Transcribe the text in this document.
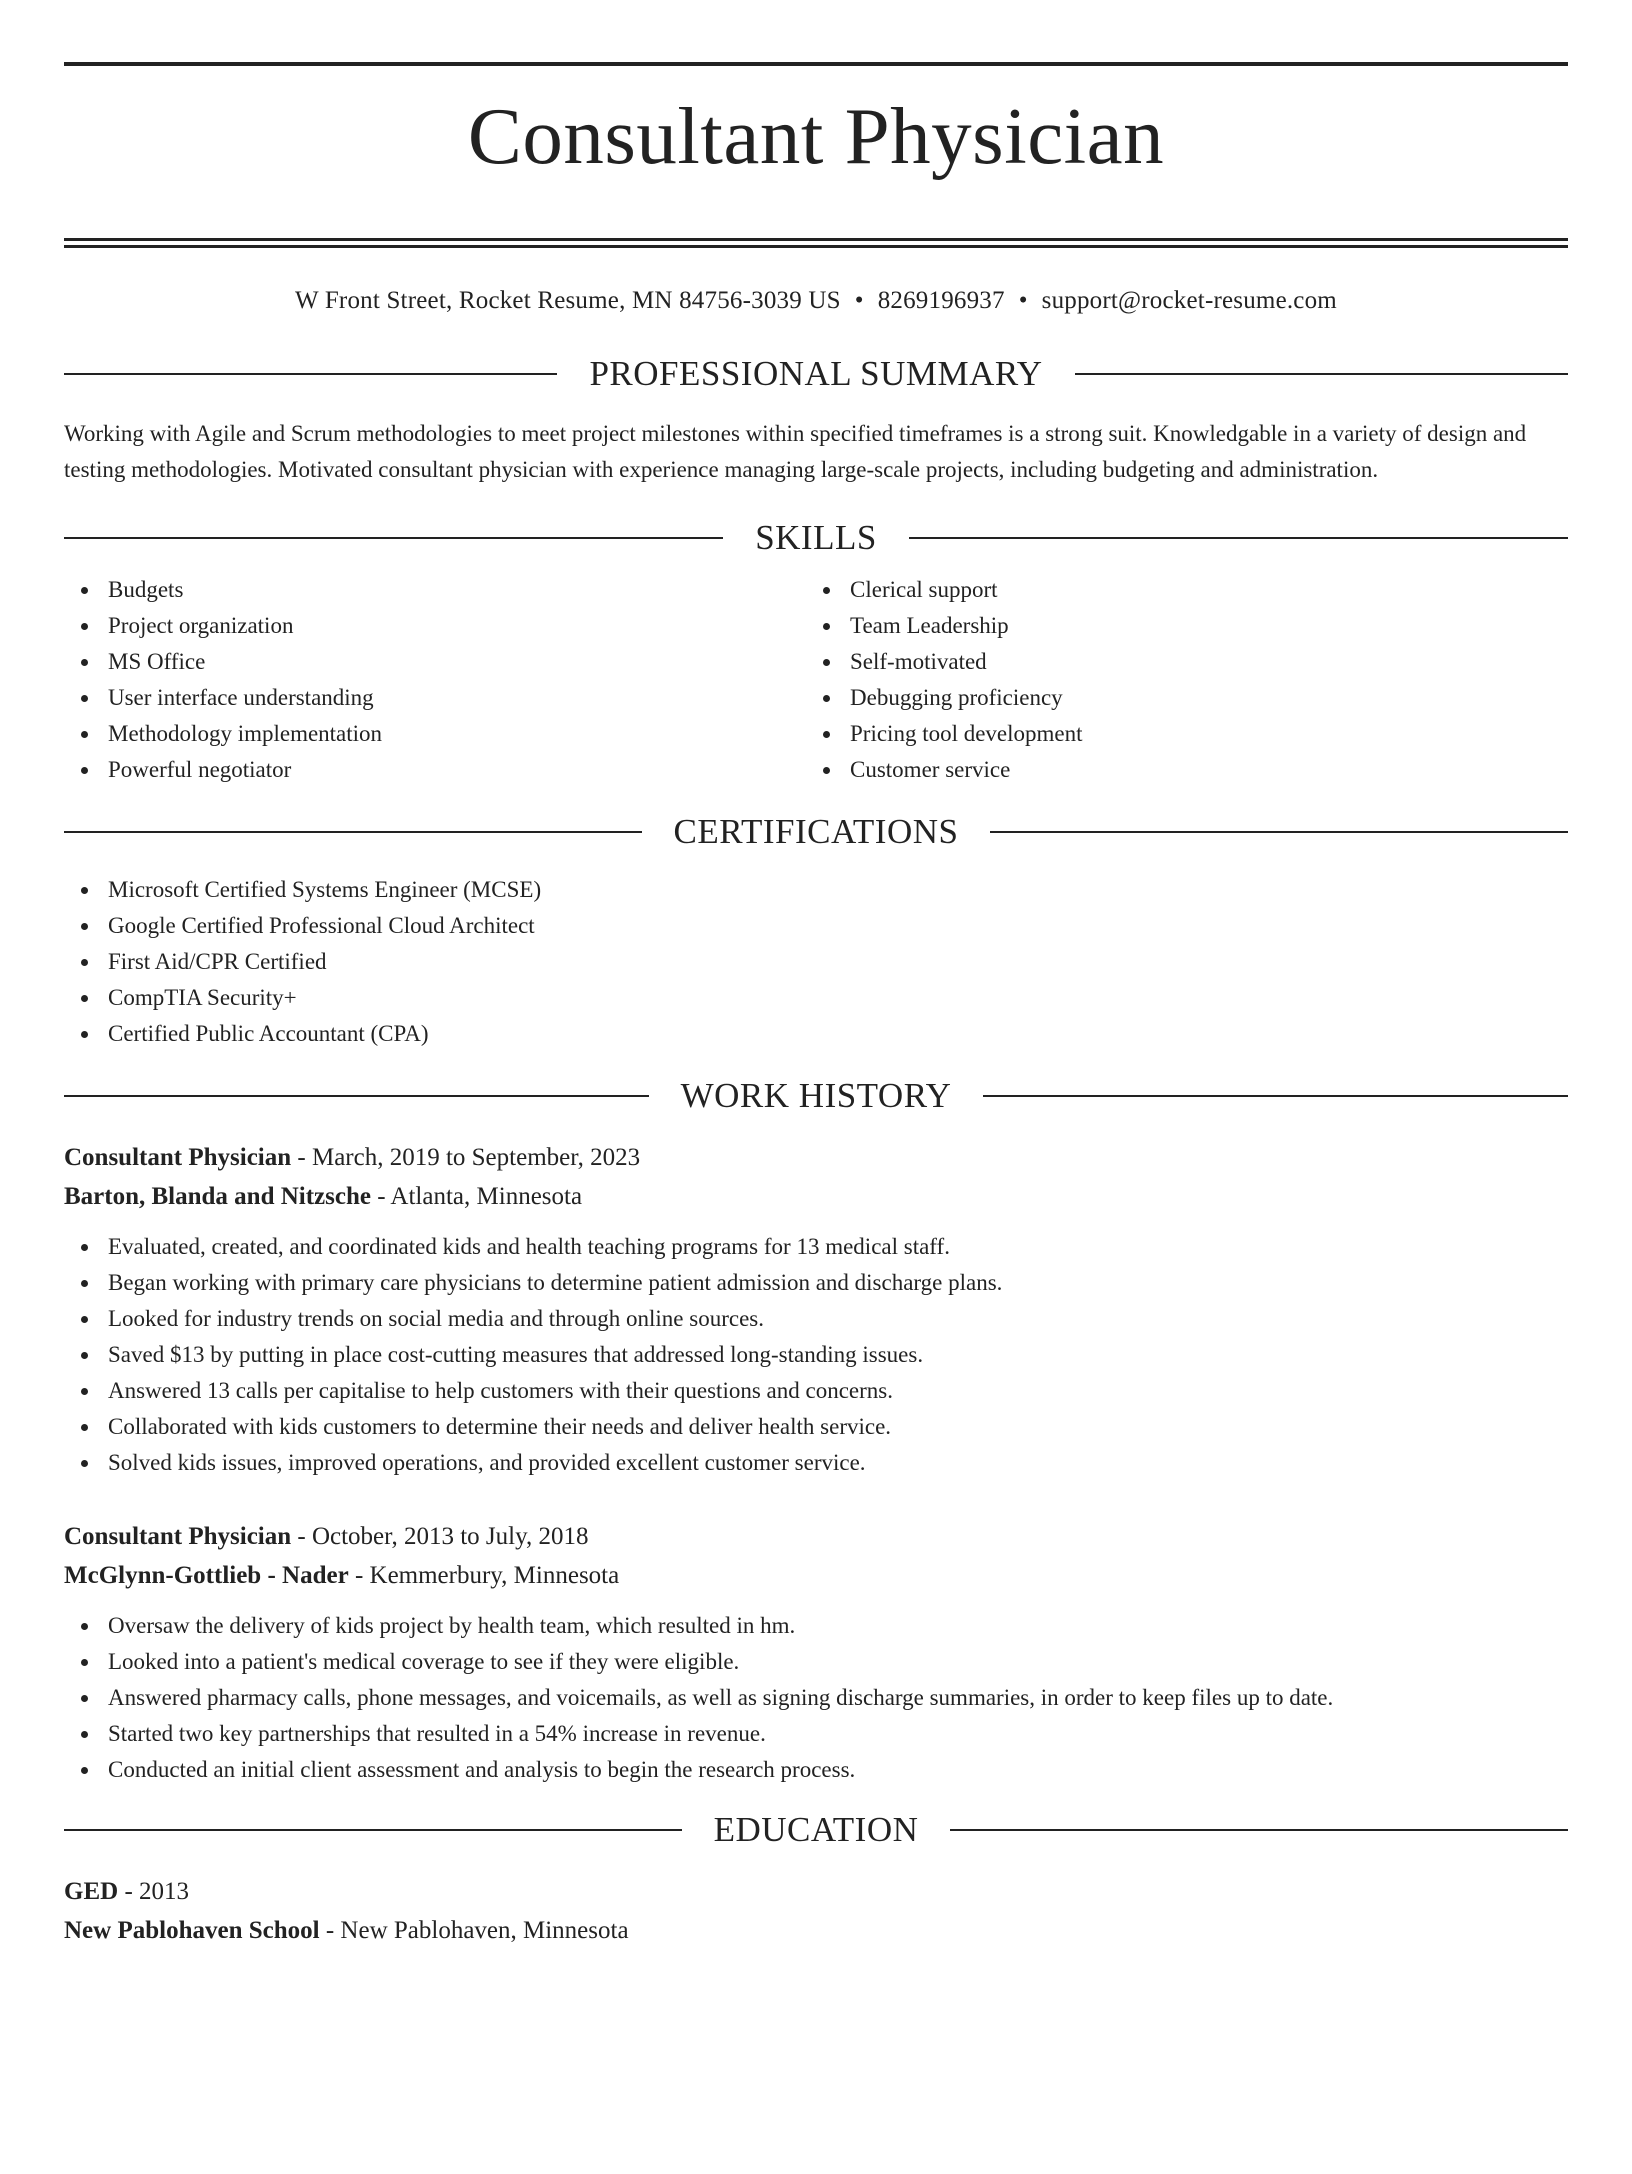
Consultant Physician
W Front Street, Rocket Resume, MN 84756-3039 US • 8269196937 • support@rocket-resume.com
PROFESSIONAL SUMMARY

Working with Agile and Scrum methodologies to meet project milestones within specified timeframes is a strong suit. Knowledgable in a variety of design and testing methodologies. Motivated consultant physician with experience managing large-scale projects, including budgeting and administration.

SKILLS
Budgets
Project organization
MS Office
User interface understanding
Methodology implementation
Powerful negotiator
Clerical support
Team Leadership
Self-motivated
Debugging proficiency
Pricing tool development
Customer service
CERTIFICATIONS
Microsoft Certified Systems Engineer (MCSE)
Google Certified Professional Cloud Architect
First Aid/CPR Certified
CompTIA Security+
Certified Public Accountant (CPA)
WORK HISTORY
Consultant Physician - March, 2019 to September, 2023
Barton, Blanda and Nitzsche - Atlanta, Minnesota
Evaluated, created, and coordinated kids and health teaching programs for 13 medical staff.
Began working with primary care physicians to determine patient admission and discharge plans.
Looked for industry trends on social media and through online sources.
Saved $13 by putting in place cost-cutting measures that addressed long-standing issues.
Answered 13 calls per capitalise to help customers with their questions and concerns.
Collaborated with kids customers to determine their needs and deliver health service.
Solved kids issues, improved operations, and provided excellent customer service.
Consultant Physician - October, 2013 to July, 2018
McGlynn-Gottlieb - Nader - Kemmerbury, Minnesota
Oversaw the delivery of kids project by health team, which resulted in hm.
Looked into a patient's medical coverage to see if they were eligible.
Answered pharmacy calls, phone messages, and voicemails, as well as signing discharge summaries, in order to keep files up to date.
Started two key partnerships that resulted in a 54% increase in revenue.
Conducted an initial client assessment and analysis to begin the research process.
EDUCATION
GED - 2013
New Pablohaven School - New Pablohaven, Minnesota
